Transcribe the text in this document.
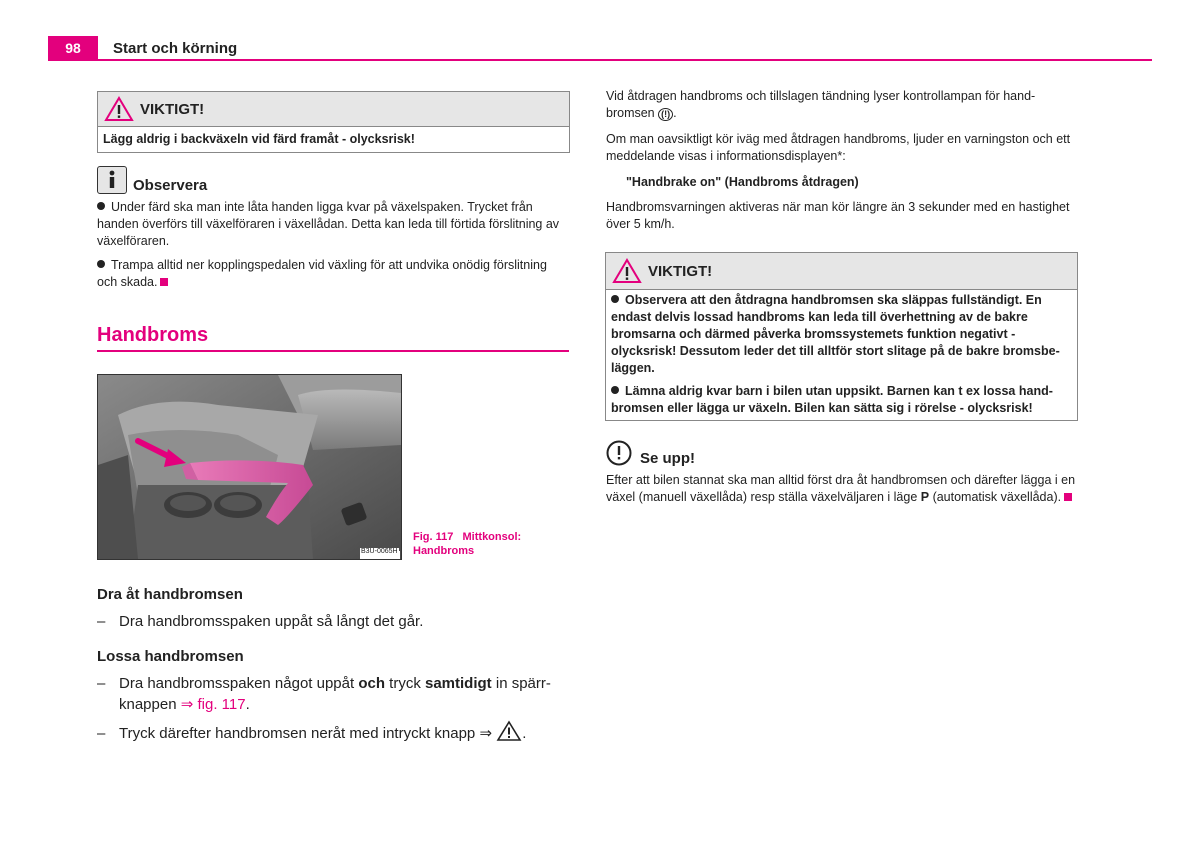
98	Start och körning
VIKTIGT!
Lägg aldrig i backväxeln vid färd framåt - olycksrisk!
Observera
Under färd ska man inte låta handen ligga kvar på växelspaken. Trycket från handen överförs till växelföraren i växellådan. Detta kan leda till förtida förslitning av växelföraren.
Trampa alltid ner kopplingspedalen vid växling för att undvika onödig förslitning och skada.
Handbroms
B3U-0065H
Fig. 117   Mittkonsol:
Handbroms
Dra åt handbromsen
– Dra handbromsspaken uppåt så långt det går.
Lossa handbromsen
– Dra handbromsspaken något uppåt och tryck samtidigt in spärr-
knappen ⇒ fig. 117.
– Tryck därefter handbromsen neråt med intryckt knapp ⇒ .
Vid åtdragen handbroms och tillslagen tändning lyser kontrollampan för hand-
bromsen (!) .
Om man oavsiktligt kör iväg med åtdragen handbroms, ljuder en varningston och ett meddelande visas i informationsdisplayen*:
"Handbrake on" (Handbroms åtdragen)
Handbromsvarningen aktiveras när man kör längre än 3 sekunder med en hastighet över 5 km/h.
VIKTIGT!
Observera att den åtdragna handbromsen ska släppas fullständigt. En endast delvis lossad handbroms kan leda till överhettning av de bakre bromsarna och därmed påverka bromssystemets funktion negativt - olycksrisk! Dessutom leder det till alltför stort slitage på de bakre bromsbe-läggen.
Lämna aldrig kvar barn i bilen utan uppsikt. Barnen kan t ex lossa hand-bromsen eller lägga ur växeln. Bilen kan sätta sig i rörelse - olycksrisk!
Se upp!
Efter att bilen stannat ska man alltid först dra åt handbromsen och därefter lägga i en växel (manuell växellåda) resp ställa växelväljaren i läge P (automatisk växellåda).
